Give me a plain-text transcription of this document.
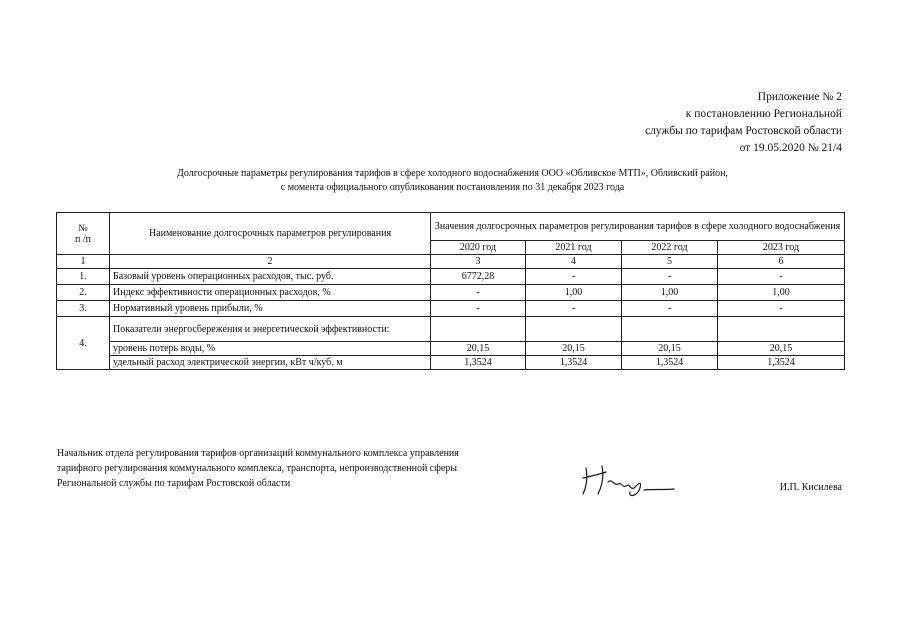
Приложение № 2
к постановлению Региональной
службы по тарифам Ростовской области
от 19.05.2020 № 21/4
Долгосрочные параметры регулирования тарифов в сфере холодного водоснабжения ООО «Обливское МТП», Обливский район,
с момента официального опубликования постановления по 31 декабря 2023 года
№
п /п	Наименование долгосрочных параметров регулирования	Значения долгосрочных параметров регулирования тарифов в сфере холодного водоснабжения			
		2020 год	2021 год	2022 год	2023 год
1	2	3	4	5	6
1.	Базовый уровень операционных расходов, тыс. руб.	6772,28	-	-	-
2.	Индекс эффективности операционных расходов, %	-	1,00	1,00	1,00
3.	Нормативный уровень прибыли, %	-	-	-	-
4.	Показатели энергосбережения и энергетической эффективности:				
	уровень потерь воды, %	20,15	20,15	20,15	20,15
	удельный расход электрической энергии, кВт ч/куб. м	1,3524	1,3524	1,3524	1,3524
Начальник отдела регулирования тарифов организаций коммунального комплекса управления
тарифного регулирования коммунального комплекса, транспорта, непроизводственной сферы
Региональной службы по тарифам Ростовской области	И.П. Кисилева
